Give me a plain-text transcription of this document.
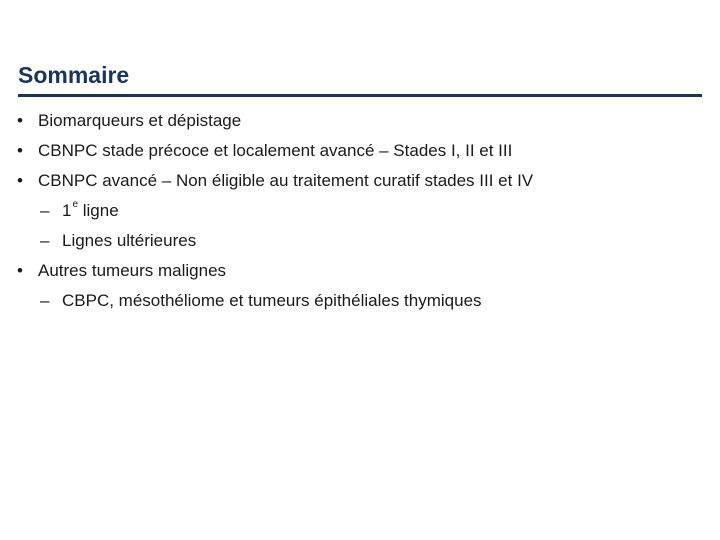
Sommaire
• Biomarqueurs et dépistage
• CBNPC stade précoce et localement avancé – Stades I, II et III
• CBNPC avancé – Non éligible au traitement curatif stades III et IV
– 1e ligne
– Lignes ultérieures
• Autres tumeurs malignes
– CBPC, mésothéliome et tumeurs épithéliales thymiques
